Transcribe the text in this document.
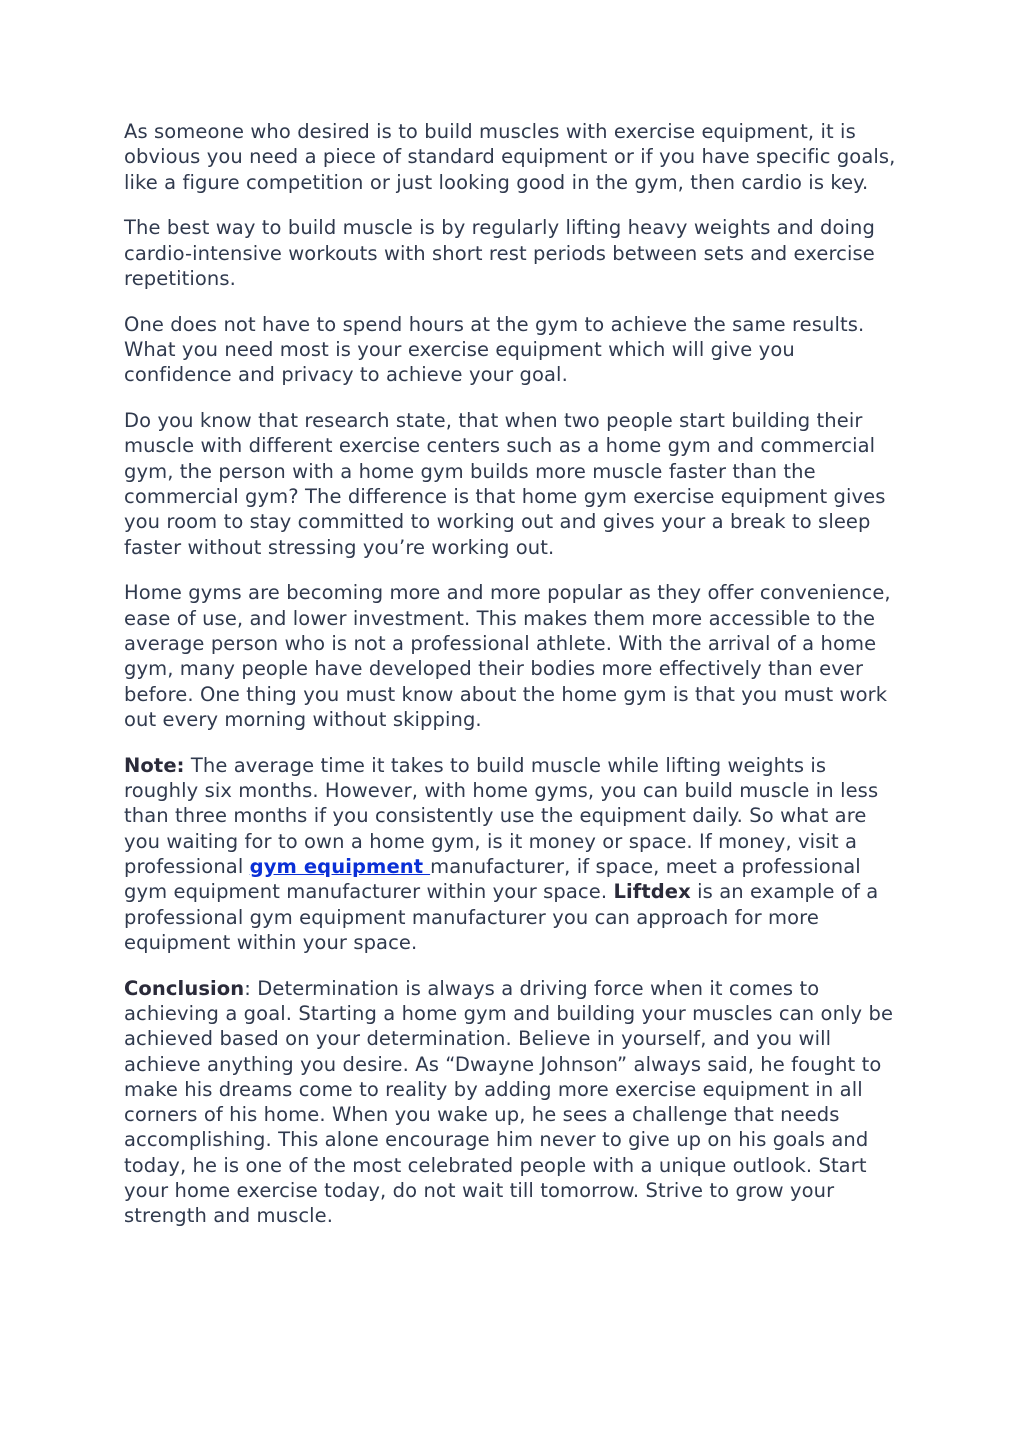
As someone who desired is to build muscles with exercise equipment, it is obvious you need a piece of standard equipment or if you have specific goals, like a figure competition or just looking good in the gym, then cardio is key.

The best way to build muscle is by regularly lifting heavy weights and doing cardio-intensive workouts with short rest periods between sets and exercise repetitions.

One does not have to spend hours at the gym to achieve the same results. What you need most is your exercise equipment which will give you confidence and privacy to achieve your goal.

Do you know that research state, that when two people start building their muscle with different exercise centers such as a home gym and commercial gym, the person with a home gym builds more muscle faster than the commercial gym? The difference is that home gym exercise equipment gives you room to stay committed to working out and gives your a break to sleep faster without stressing you’re working out.

Home gyms are becoming more and more popular as they offer convenience, ease of use, and lower investment. This makes them more accessible to the average person who is not a professional athlete. With the arrival of a home gym, many people have developed their bodies more effectively than ever before. One thing you must know about the home gym is that you must work out every morning without skipping.

Note: The average time it takes to build muscle while lifting weights is roughly six months. However, with home gyms, you can build muscle in less than three months if you consistently use the equipment daily. So what are you waiting for to own a home gym, is it money or space. If money, visit a professional gym equipment manufacturer, if space, meet a professional gym equipment manufacturer within your space. Liftdex is an example of a professional gym equipment manufacturer you can approach for more equipment within your space.

Conclusion: Determination is always a driving force when it comes to achieving a goal. Starting a home gym and building your muscles can only be achieved based on your determination. Believe in yourself, and you will achieve anything you desire. As “Dwayne Johnson” always said, he fought to make his dreams come to reality by adding more exercise equipment in all corners of his home. When you wake up, he sees a challenge that needs accomplishing. This alone encourage him never to give up on his goals and today, he is one of the most celebrated people with a unique outlook. Start your home exercise today, do not wait till tomorrow. Strive to grow your strength and muscle.
